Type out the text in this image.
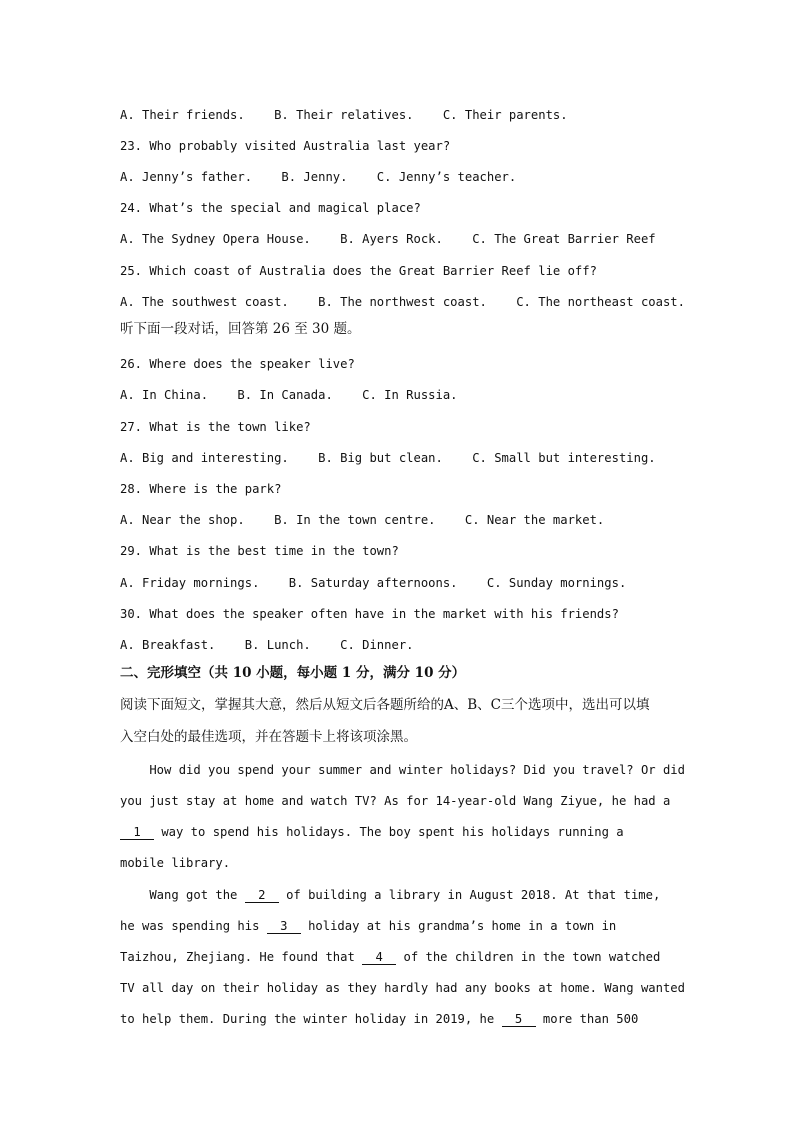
A. Their friends.    B. Their relatives.    C. Their parents.
23. Who probably visited Australia last year?
A. Jenny’s father.    B. Jenny.    C. Jenny’s teacher.
24. What’s the special and magical place?
A. The Sydney Opera House.    B. Ayers Rock.    C. The Great Barrier Reef
25. Which coast of Australia does the Great Barrier Reef lie off?
A. The southwest coast.    B. The northwest coast.    C. The northeast coast.
听下面一段对话，回答第 26 至 30 题。
26. Where does the speaker live?
A. In China.    B. In Canada.    C. In Russia.
27. What is the town like?
A. Big and interesting.    B. Big but clean.    C. Small but interesting.
28. Where is the park?
A. Near the shop.    B. In the town centre.    C. Near the market.
29. What is the best time in the town?
A. Friday mornings.    B. Saturday afternoons.    C. Sunday mornings.
30. What does the speaker often have in the market with his friends?
A. Breakfast.    B. Lunch.    C. Dinner.
二、完形填空（共 10 小题，每小题 1 分，满分 10 分）
阅读下面短文，掌握其大意，然后从短文后各题所给的A、B、C三个选项中，选出可以填
入空白处的最佳选项，并在答题卡上将该项涂黑。
How did you spend your summer and winter holidays? Did you travel? Or did
you just stay at home and watch TV? As for 14-year-old Wang Ziyue, he had a
1 way to spend his holidays. The boy spent his holidays running a
mobile library.
Wang got the 2 of building a library in August 2018. At that time,
he was spending his 3 holiday at his grandma’s home in a town in
Taizhou, Zhejiang. He found that 4 of the children in the town watched
TV all day on their holiday as they hardly had any books at home. Wang wanted
to help them. During the winter holiday in 2019, he 5 more than 500
